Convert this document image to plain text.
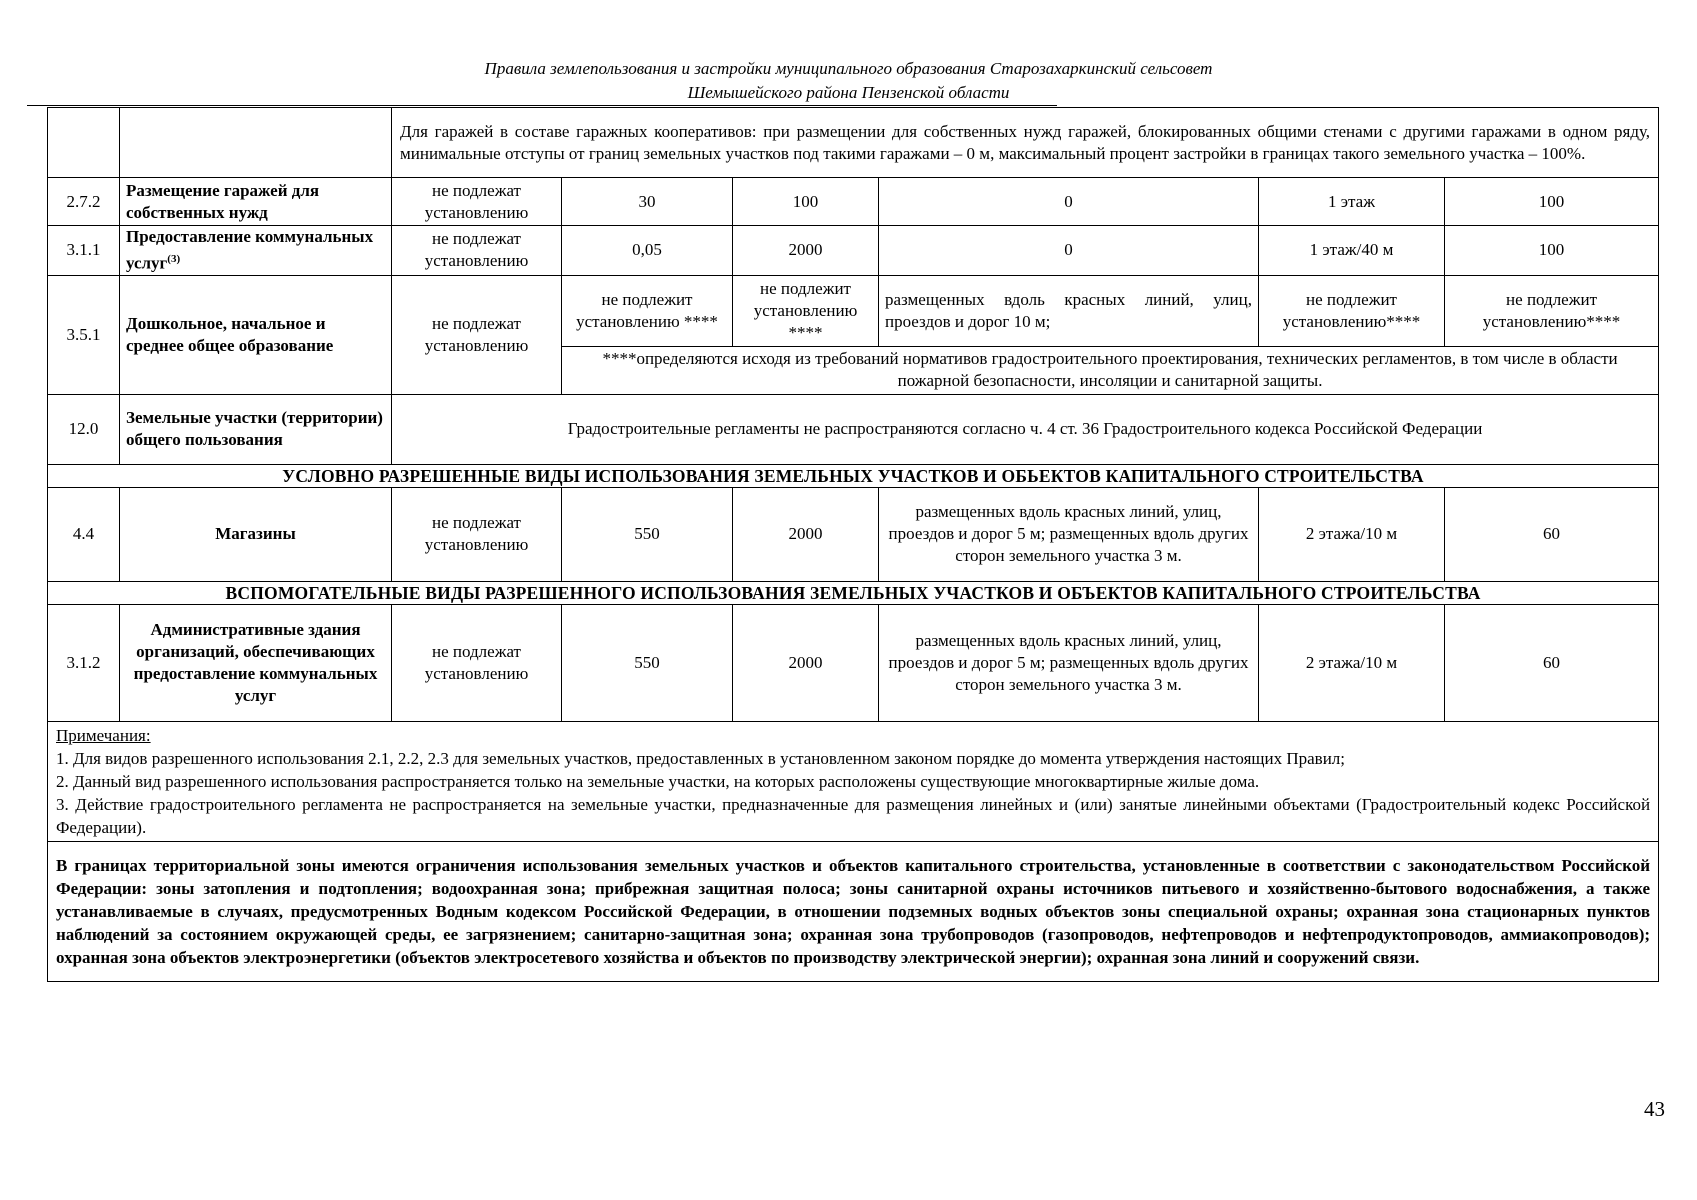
Правила землепользования и застройки муниципального образования Старозахаркинский сельсовет
Шемышейского района Пензенской области
		Для гаражей в составе гаражных кооперативов: при размещении для собственных нужд гаражей, блокированных общими стенами с другими гаражами в одном ряду, минимальные отступы от границ земельных участков под такими гаражами – 0 м, максимальный процент застройки в границах такого земельного участка – 100%.					
2.7.2	Размещение гаражей для собственных нужд	не подлежат установлению	30	100	0	1 этаж	100
3.1.1	Предоставление коммунальных услуг$^{(3)}$	не подлежат установлению	0,05	2000	0	1 этаж/40 м	100
3.5.1	Дошкольное, начальное и среднее общее образование	не подлежат установлению	не подлежит установлению ****	не подлежит установлению ****	размещенных вдоль красных линий, улиц, проездов и дорог 10 м;	не подлежит установлению****	не подлежит установлению****
			****определяются исходя из требований нормативов градостроительного проектирования, технических регламентов, в том числе в области пожарной безопасности, инсоляции и санитарной защиты.				
12.0	Земельные участки (территории) общего пользования	Градостроительные регламенты не распространяются согласно ч. 4 ст. 36 Градостроительного кодекса Российской Федерации					
УСЛОВНО РАЗРЕШЕННЫЕ ВИДЫ ИСПОЛЬЗОВАНИЯ ЗЕМЕЛЬНЫХ УЧАСТКОВ И ОБЬЕКТОВ КАПИТАЛЬНОГО СТРОИТЕЛЬСТВА							
4.4	Магазины	не подлежат установлению	550	2000	размещенных вдоль красных линий, улиц, проездов и дорог 5 м; размещенных вдоль других сторон земельного участка 3 м.	2 этажа/10 м	60
ВСПОМОГАТЕЛЬНЫЕ ВИДЫ РАЗРЕШЕННОГО ИСПОЛЬЗОВАНИЯ ЗЕМЕЛЬНЫХ УЧАСТКОВ И ОБЪЕКТОВ КАПИТАЛЬНОГО СТРОИТЕЛЬСТВА							
3.1.2	Административные здания организаций, обеспечивающих предоставление коммунальных услуг	не подлежат установлению	550	2000	размещенных вдоль красных линий, улиц, проездов и дорог 5 м; размещенных вдоль других сторон земельного участка 3 м.	2 этажа/10 м	60

Примечания:
1. Для видов разрешенного использования 2.1, 2.2, 2.3 для земельных участков, предоставленных в установленном законом порядке до момента утверждения настоящих Правил;
2. Данный вид разрешенного использования распространяется только на земельные участки, на которых расположены существующие многоквартирные жилые дома.
3. Действие градостроительного регламента не распространяется на земельные участки, предназначенные для размещения линейных и (или) занятые линейными объектами (Градостроительный кодекс Российской Федерации).							

В границах территориальной зоны имеются ограничения использования земельных участков и объектов капитального строительства, установленные в соответствии с законодательством Российской Федерации: зоны затопления и подтопления; водоохранная зона; прибрежная защитная полоса; зоны санитарной охраны источников питьевого и хозяйственно-бытового водоснабжения, а также устанавливаемые в случаях, предусмотренных Водным кодексом Российской Федерации, в отношении подземных водных объектов зоны специальной охраны; охранная зона стационарных пунктов наблюдений за состоянием окружающей среды, ее загрязнением; санитарно-защитная зона; охранная зона трубопроводов (газопроводов, нефтепроводов и нефтепродуктопроводов, аммиакопроводов); охранная зона объектов электроэнергетики (объектов электросетевого хозяйства и объектов по производству электрической энергии); охранная зона линий и сооружений связи.							
43
